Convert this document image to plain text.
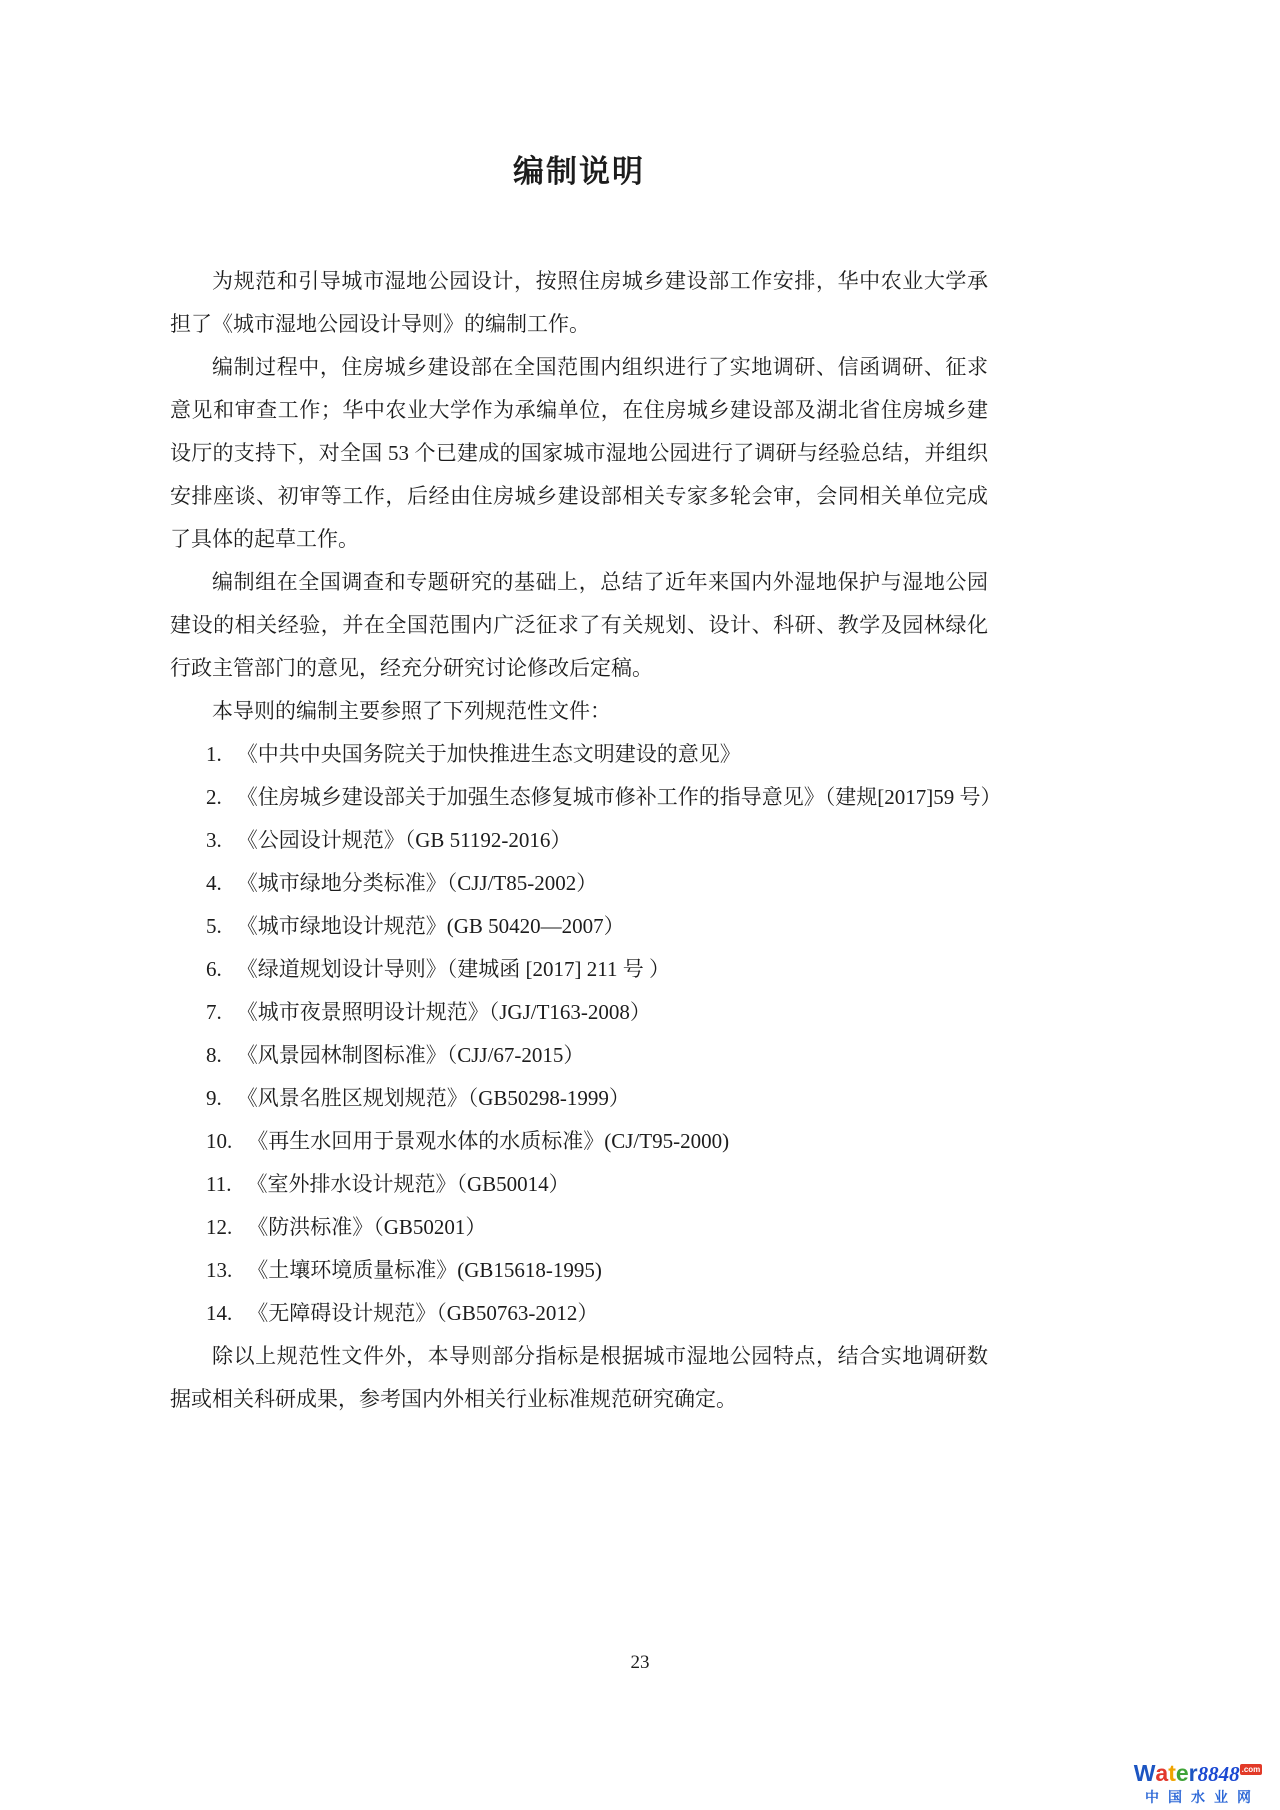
编制说明

为规范和引导城市湿地公园设计，按照住房城乡建设部工作安排，华中农业大学承担了《城市湿地公园设计导则》的编制工作。

编制过程中，住房城乡建设部在全国范围内组织进行了实地调研、信函调研、征求意见和审查工作；华中农业大学作为承编单位，在住房城乡建设部及湖北省住房城乡建设厅的支持下，对全国 53 个已建成的国家城市湿地公园进行了调研与经验总结，并组织安排座谈、初审等工作，后经由住房城乡建设部相关专家多轮会审，会同相关单位完成了具体的起草工作。

编制组在全国调查和专题研究的基础上，总结了近年来国内外湿地保护与湿地公园建设的相关经验，并在全国范围内广泛征求了有关规划、设计、科研、教学及园林绿化行政主管部门的意见，经充分研究讨论修改后定稿。

本导则的编制主要参照了下列规范性文件：

1. 《中共中央国务院关于加快推进生态文明建设的意见》
2. 《住房城乡建设部关于加强生态修复城市修补工作的指导意见》（建规[2017]59 号）
3. 《公园设计规范》（GB 51192-2016）
4. 《城市绿地分类标准》（CJJ/T85-2002）
5. 《城市绿地设计规范》(GB 50420—2007）
6. 《绿道规划设计导则》（建城函 [2017] 211 号 ）
7. 《城市夜景照明设计规范》（JGJ/T163-2008）
8. 《风景园林制图标准》（CJJ/67-2015）
9. 《风景名胜区规划规范》（GB50298-1999）
10. 《再生水回用于景观水体的水质标准》(CJ/T95-2000)
11. 《室外排水设计规范》（GB50014）
12. 《防洪标准》（GB50201）
13. 《土壤环境质量标准》(GB15618-1995)
14. 《无障碍设计规范》（GB50763-2012）

除以上规范性文件外，本导则部分指标是根据城市湿地公园特点，结合实地调研数据或相关科研成果，参考国内外相关行业标准规范研究确定。

23
Water8848 $^{.com}$
中国水业网
